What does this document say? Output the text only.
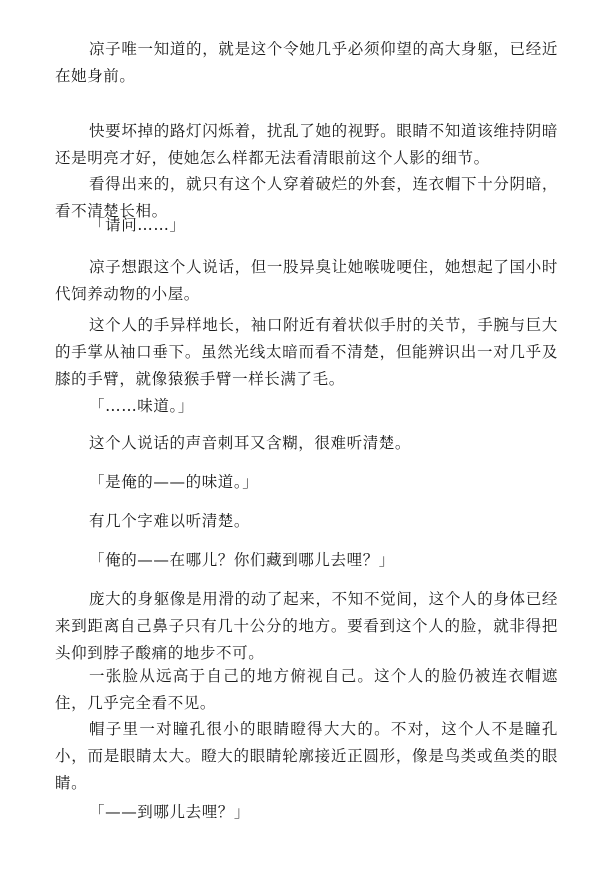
凉子唯一知道的，就是这个令她几乎必须仰望的高大身躯，已经近在她身前。

快要坏掉的路灯闪烁着，扰乱了她的视野。眼睛不知道该维持阴暗还是明亮才好，使她怎么样都无法看清眼前这个人影的细节。

看得出来的，就只有这个人穿着破烂的外套，连衣帽下十分阴暗，看不清楚长相。

「请问……」

凉子想跟这个人说话，但一股异臭让她喉咙哽住，她想起了国小时代饲养动物的小屋。

这个人的手异样地长，袖口附近有着状似手肘的关节，手腕与巨大的手掌从袖口垂下。虽然光线太暗而看不清楚，但能辨识出一对几乎及膝的手臂，就像猿猴手臂一样长满了毛。

「……味道。」

这个人说话的声音刺耳又含糊，很难听清楚。

「是俺的——的味道。」

有几个字难以听清楚。

「俺的——在哪儿？你们藏到哪儿去哩？」

庞大的身躯像是用滑的动了起来，不知不觉间，这个人的身体已经来到距离自己鼻子只有几十公分的地方。要看到这个人的脸，就非得把头仰到脖子酸痛的地步不可。

一张脸从远高于自己的地方俯视自己。这个人的脸仍被连衣帽遮住，几乎完全看不见。

帽子里一对瞳孔很小的眼睛瞪得大大的。不对，这个人不是瞳孔小，而是眼睛太大。瞪大的眼睛轮廓接近正圆形，像是鸟类或鱼类的眼睛。

「——到哪儿去哩？」
